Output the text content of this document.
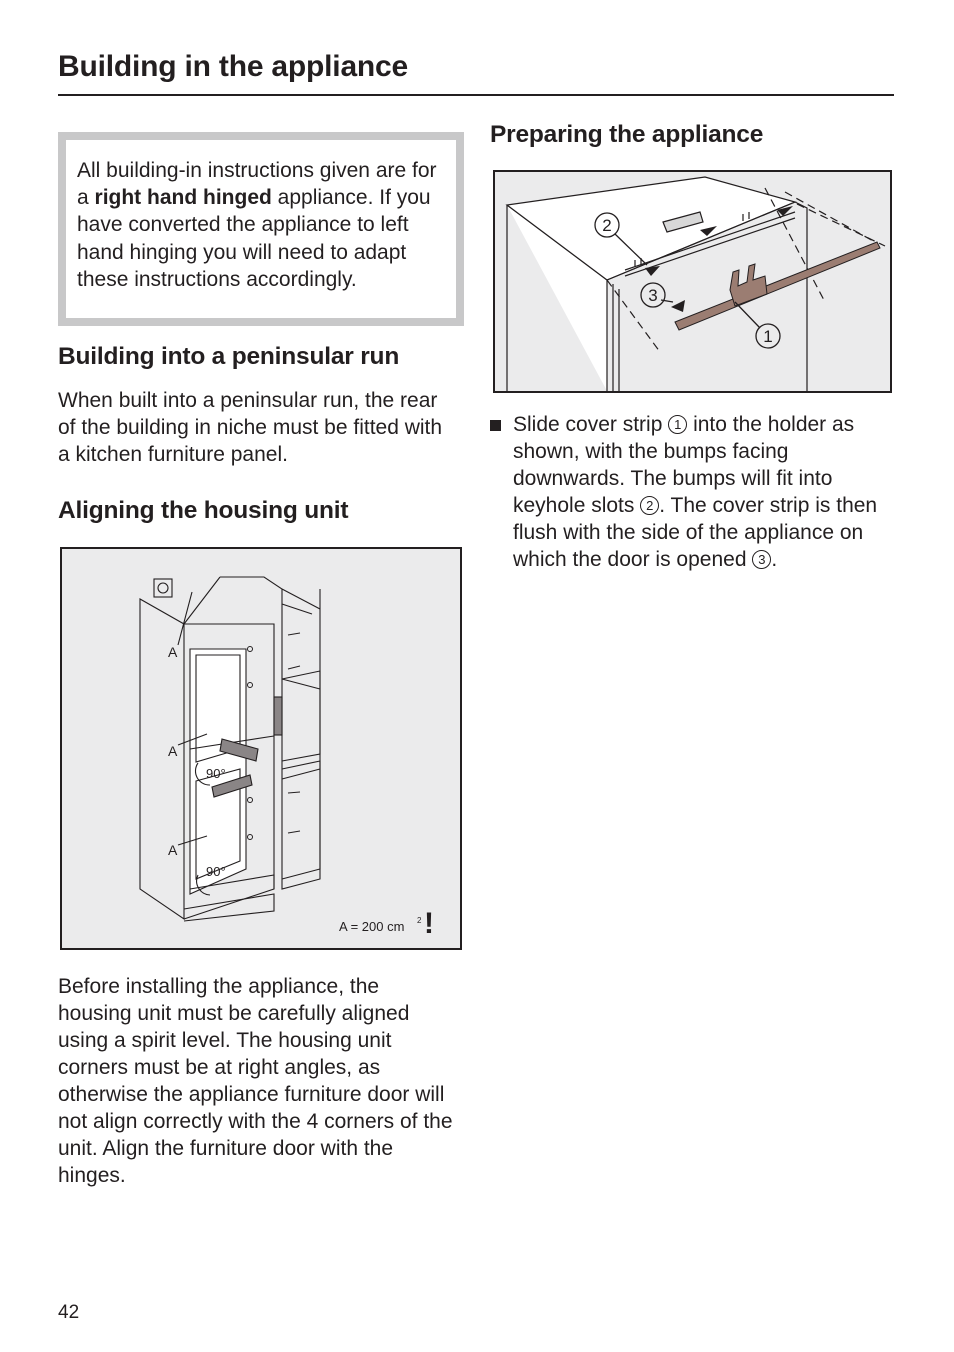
Building in the appliance
All building-in instructions given are for a right hand hinged appliance. If you have converted the appliance to left hand hinging you will need to adapt these instructions accordingly.
Building into a peninsular run

When built into a peninsular run, the rear of the building in niche must be fitted with a kitchen furniture panel.

Aligning the housing unit
A
A
A
90°
90°
A = 200 cm 2 !

Before installing the appliance, the housing unit must be carefully aligned using a spirit level. The housing unit corners must be at right angles, as otherwise the appliance furniture door will not align correctly with the 4 corners of the unit. Align the furniture door with the hinges.

Preparing the appliance
2
3
1
Slide cover strip 1 into the holder as shown, with the bumps facing downwards. The bumps will fit into keyhole slots 2 . The cover strip is then flush with the side of the appliance on which the door is opened 3 .
42
